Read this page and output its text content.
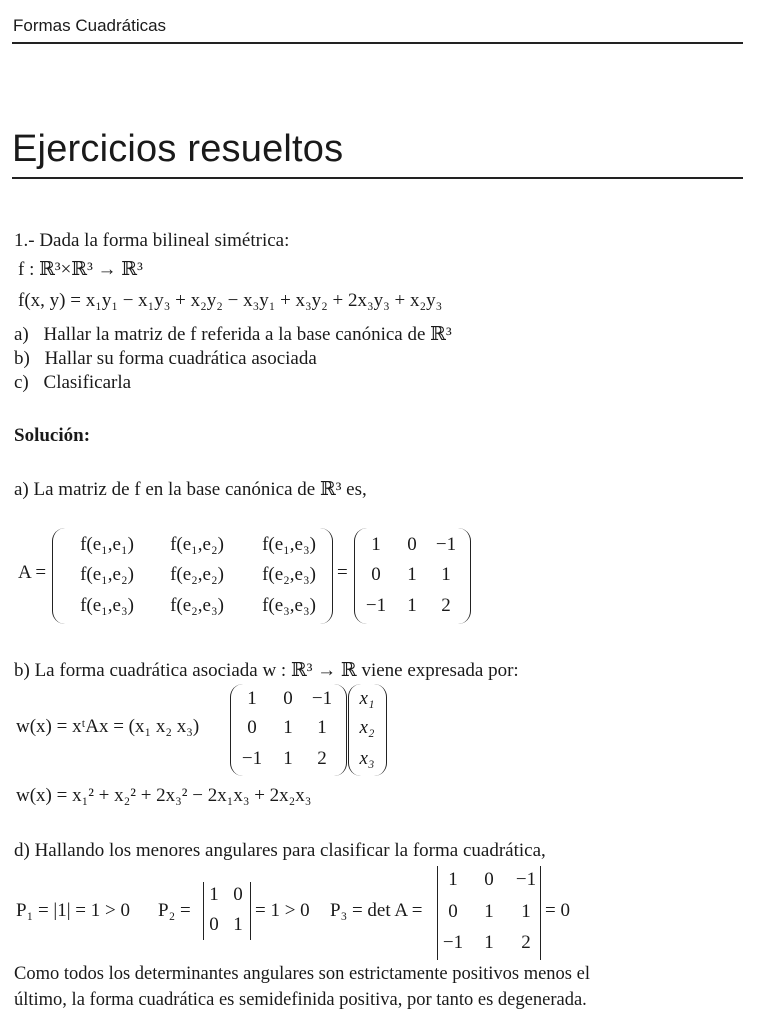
Formas Cuadráticas
Ejercicios resueltos
1.- Dada la forma bilineal simétrica:
f : ℝ³×ℝ³ → ℝ³
f(x, y) = x₁y₁ − x₁y₃ + x₂y₂ − x₃y₁ + x₃y₂ + 2x₃y₃ + x₂y₃
a) Hallar la matriz de f referida a la base canónica de ℝ³
b) Hallar su forma cuadrática asociada
c) Clasificarla
Solución:
a) La matriz de f en la base canónica de ℝ³ es,
A =
f(e₁,e₁)	f(e₁,e₂)	f(e₁,e₃)
f(e₁,e₂)	f(e₂,e₂)	f(e₂,e₃)
f(e₁,e₃)	f(e₂,e₃)	f(e₃,e₃)
=
1	0	−1
0	1	1
−1	1	2
b) La forma cuadrática asociada w : ℝ³ → ℝ viene expresada por:
w(x) = xᵗAx = (x₁ x₂ x₃)
1	0	−1
0	1	1
−1	1	2
x₁
x₂
x₃
w(x) = x₁² + x₂² + 2x₃² − 2x₁x₃ + 2x₂x₃
d) Hallando los menores angulares para clasificar la forma cuadrática,
P₁ = |1| = 1 > 0 P₂ =
1 0
0 1
= 1 > 0 P₃ = det A =
1	0	−1
0	1	1
−1	1	2
= 0
Como todos los determinantes angulares son estrictamente positivos menos el
último, la forma cuadrática es semidefinida positiva, por tanto es degenerada.
